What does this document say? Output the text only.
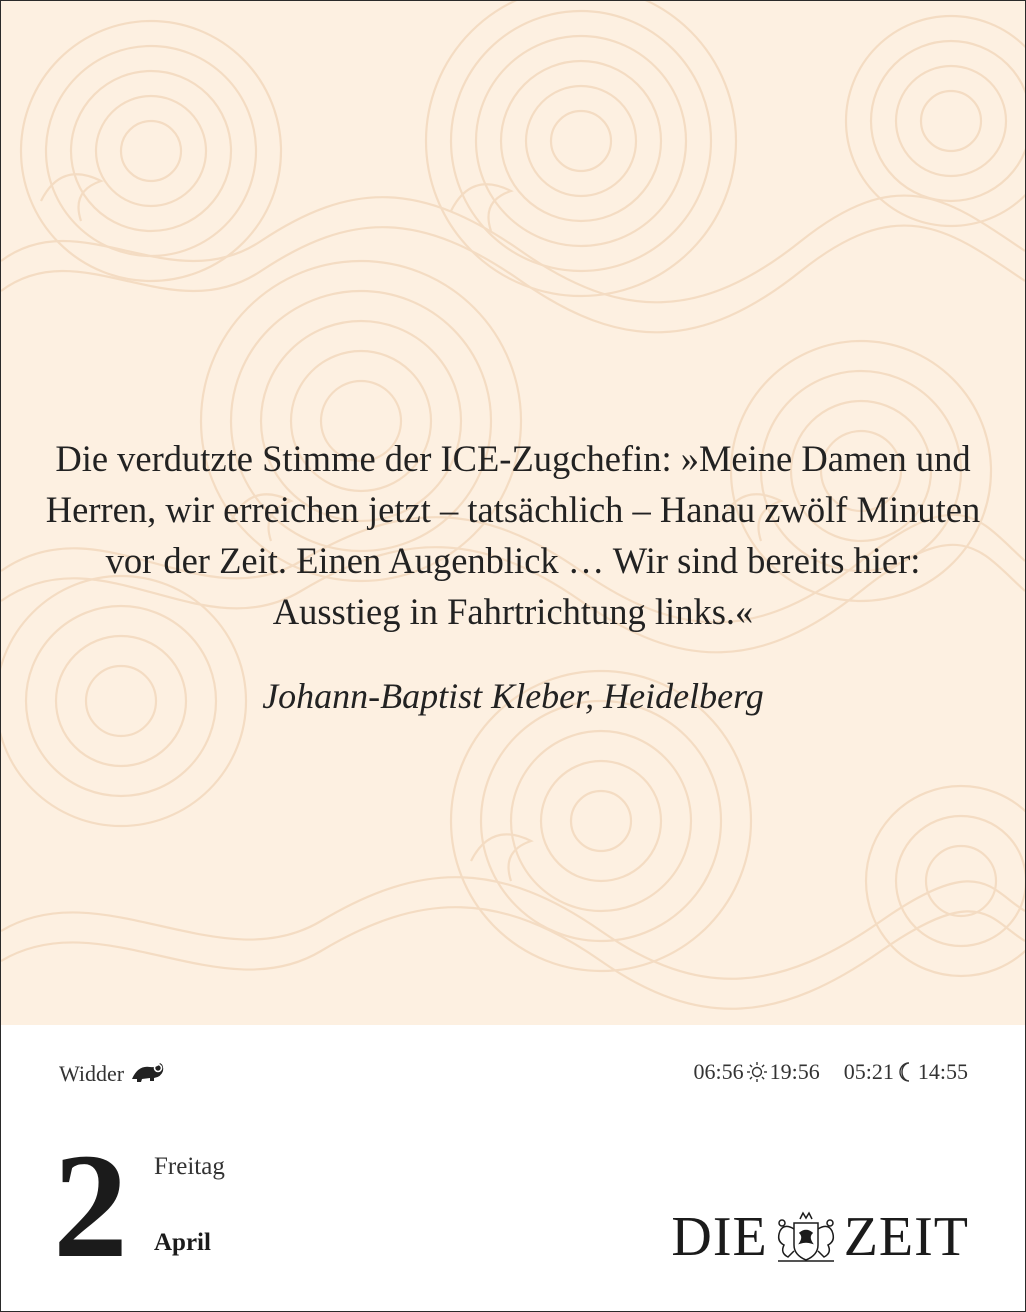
Die verdutzte Stimme der ICE-Zugchefin: »Meine Damen und Herren, wir erreichen jetzt – tatsächlich – Hanau zwölf Minuten vor der Zeit. Einen Augenblick … Wir sind bereits hier: Ausstieg in Fahrtrichtung links.«

Johann-Baptist Kleber, Heidelberg

Widder	06:56 19:56 05:21 14:55
2 Freitag
April	DIE ZEIT
